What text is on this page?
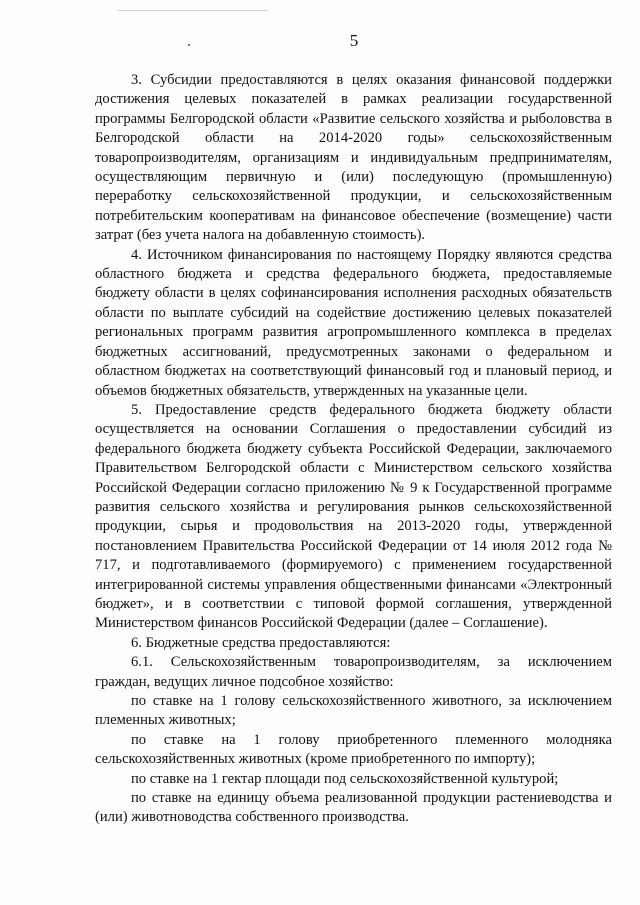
5

3. Субсидии предоставляются в целях оказания финансовой поддержки достижения целевых показателей в рамках реализации государственной программы Белгородской области «Развитие сельского хозяйства и рыболовства в Белгородской области на 2014-2020 годы» сельскохозяйственным товаропроизводителям, организациям и индивидуальным предпринимателям, осуществляющим первичную и (или) последующую (промышленную) переработку сельскохозяйственной продукции, и сельскохозяйственным потребительским кооперативам на финансовое обеспечение (возмещение) части затрат (без учета налога на добавленную стоимость).

4. Источником финансирования по настоящему Порядку являются средства областного бюджета и средства федерального бюджета, предоставляемые бюджету области в целях софинансирования исполнения расходных обязательств области по выплате субсидий на содействие достижению целевых показателей региональных программ развития агропромышленного комплекса в пределах бюджетных ассигнований, предусмотренных законами о федеральном и областном бюджетах на соответствующий финансовый год и плановый период, и объемов бюджетных обязательств, утвержденных на указанные цели.

5. Предоставление средств федерального бюджета бюджету области осуществляется на основании Соглашения о предоставлении субсидий из федерального бюджета бюджету субъекта Российской Федерации, заключаемого Правительством Белгородской области с Министерством сельского хозяйства Российской Федерации согласно приложению № 9 к Государственной программе развития сельского хозяйства и регулирования рынков сельскохозяйственной продукции, сырья и продовольствия на 2013-2020 годы, утвержденной постановлением Правительства Российской Федерации от 14 июля 2012 года № 717, и подготавливаемого (формируемого) с применением государственной интегрированной системы управления общественными финансами «Электронный бюджет», и в соответствии с типовой формой соглашения, утвержденной Министерством финансов Российской Федерации (далее – Соглашение).

6. Бюджетные средства предоставляются:

6.1. Сельскохозяйственным товаропроизводителям, за исключением граждан, ведущих личное подсобное хозяйство:

по ставке на 1 голову сельскохозяйственного животного, за исключением племенных животных;

по ставке на 1 голову приобретенного племенного молодняка сельскохозяйственных животных (кроме приобретенного по импорту);

по ставке на 1 гектар площади под сельскохозяйственной культурой;

по ставке на единицу объема реализованной продукции растениеводства и (или) животноводства собственного производства.
